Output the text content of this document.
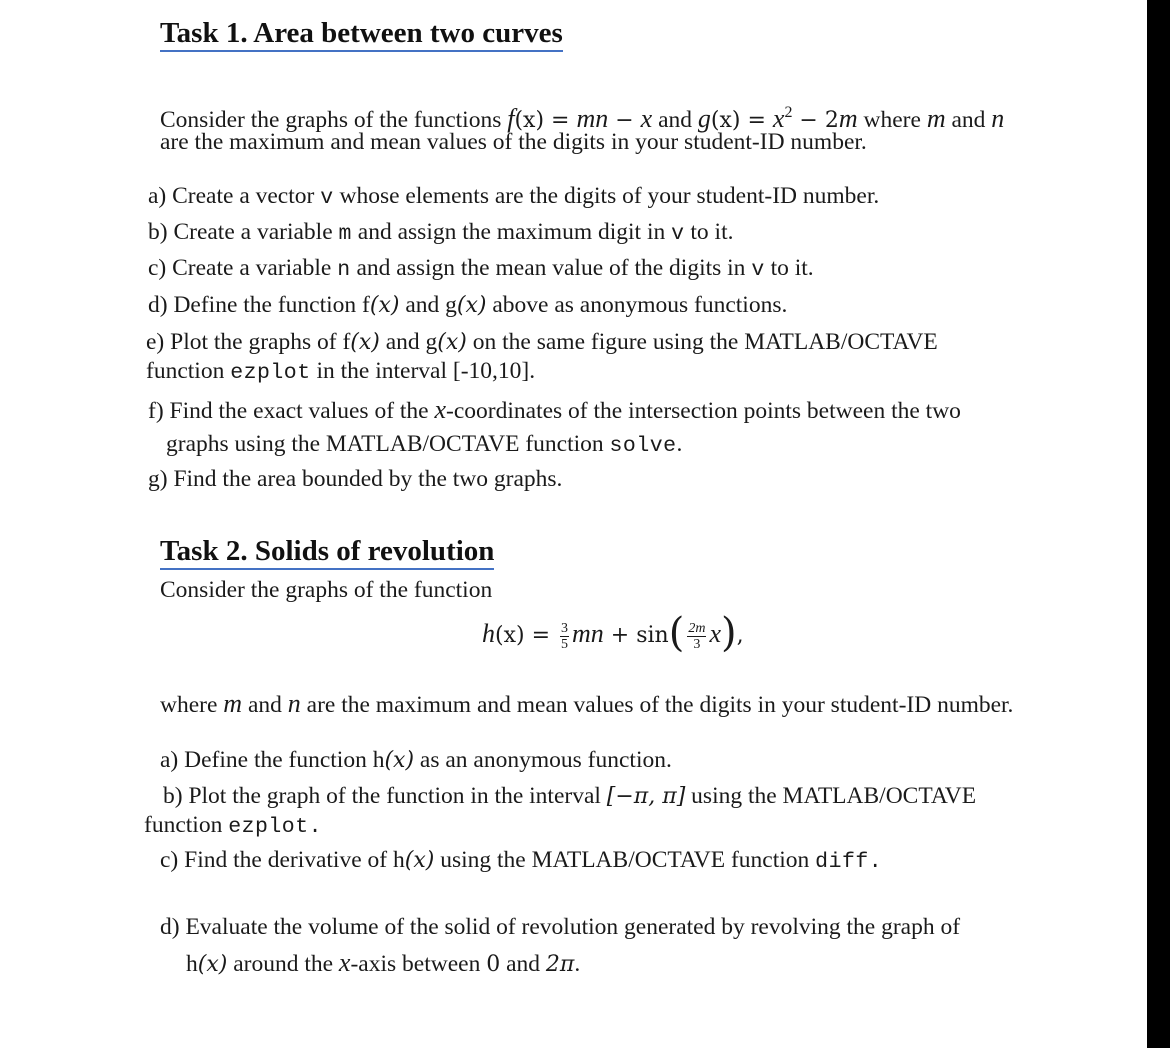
Task 1. Area between two curves

Consider the graphs of the functions f(x) = mn − x and $g(x) = x^2 - 2m$ where m and n

are the maximum and mean values of the digits in your student-ID number.

a) Create a vector v whose elements are the digits of your student-ID number.

b) Create a variable m and assign the maximum digit in v to it.

c) Create a variable n and assign the mean value of the digits in v to it.

d) Define the function f(x) and g(x) above as anonymous functions.

e) Plot the graphs of f(x) and g(x) on the same figure using the MATLAB/OCTAVE

function ezplot in the interval [-10,10].

f) Find the exact values of the x-coordinates of the intersection points between the two

graphs using the MATLAB/OCTAVE function solve.

g) Find the area bounded by the two graphs.

Task 2. Solids of revolution

Consider the graphs of the function

$h(x) = \frac{3}{5}$ mn + $\sin( \frac{2m}{3} x)$,

where m and n are the maximum and mean values of the digits in your student-ID number.

a) Define the function h(x) as an anonymous function.

b) Plot the graph of the function in the interval [−π, π] using the MATLAB/OCTAVE

function ezplot.

c) Find the derivative of h(x) using the MATLAB/OCTAVE function diff.

d) Evaluate the volume of the solid of revolution generated by revolving the graph of

h(x) around the x-axis between 0 and 2π.
